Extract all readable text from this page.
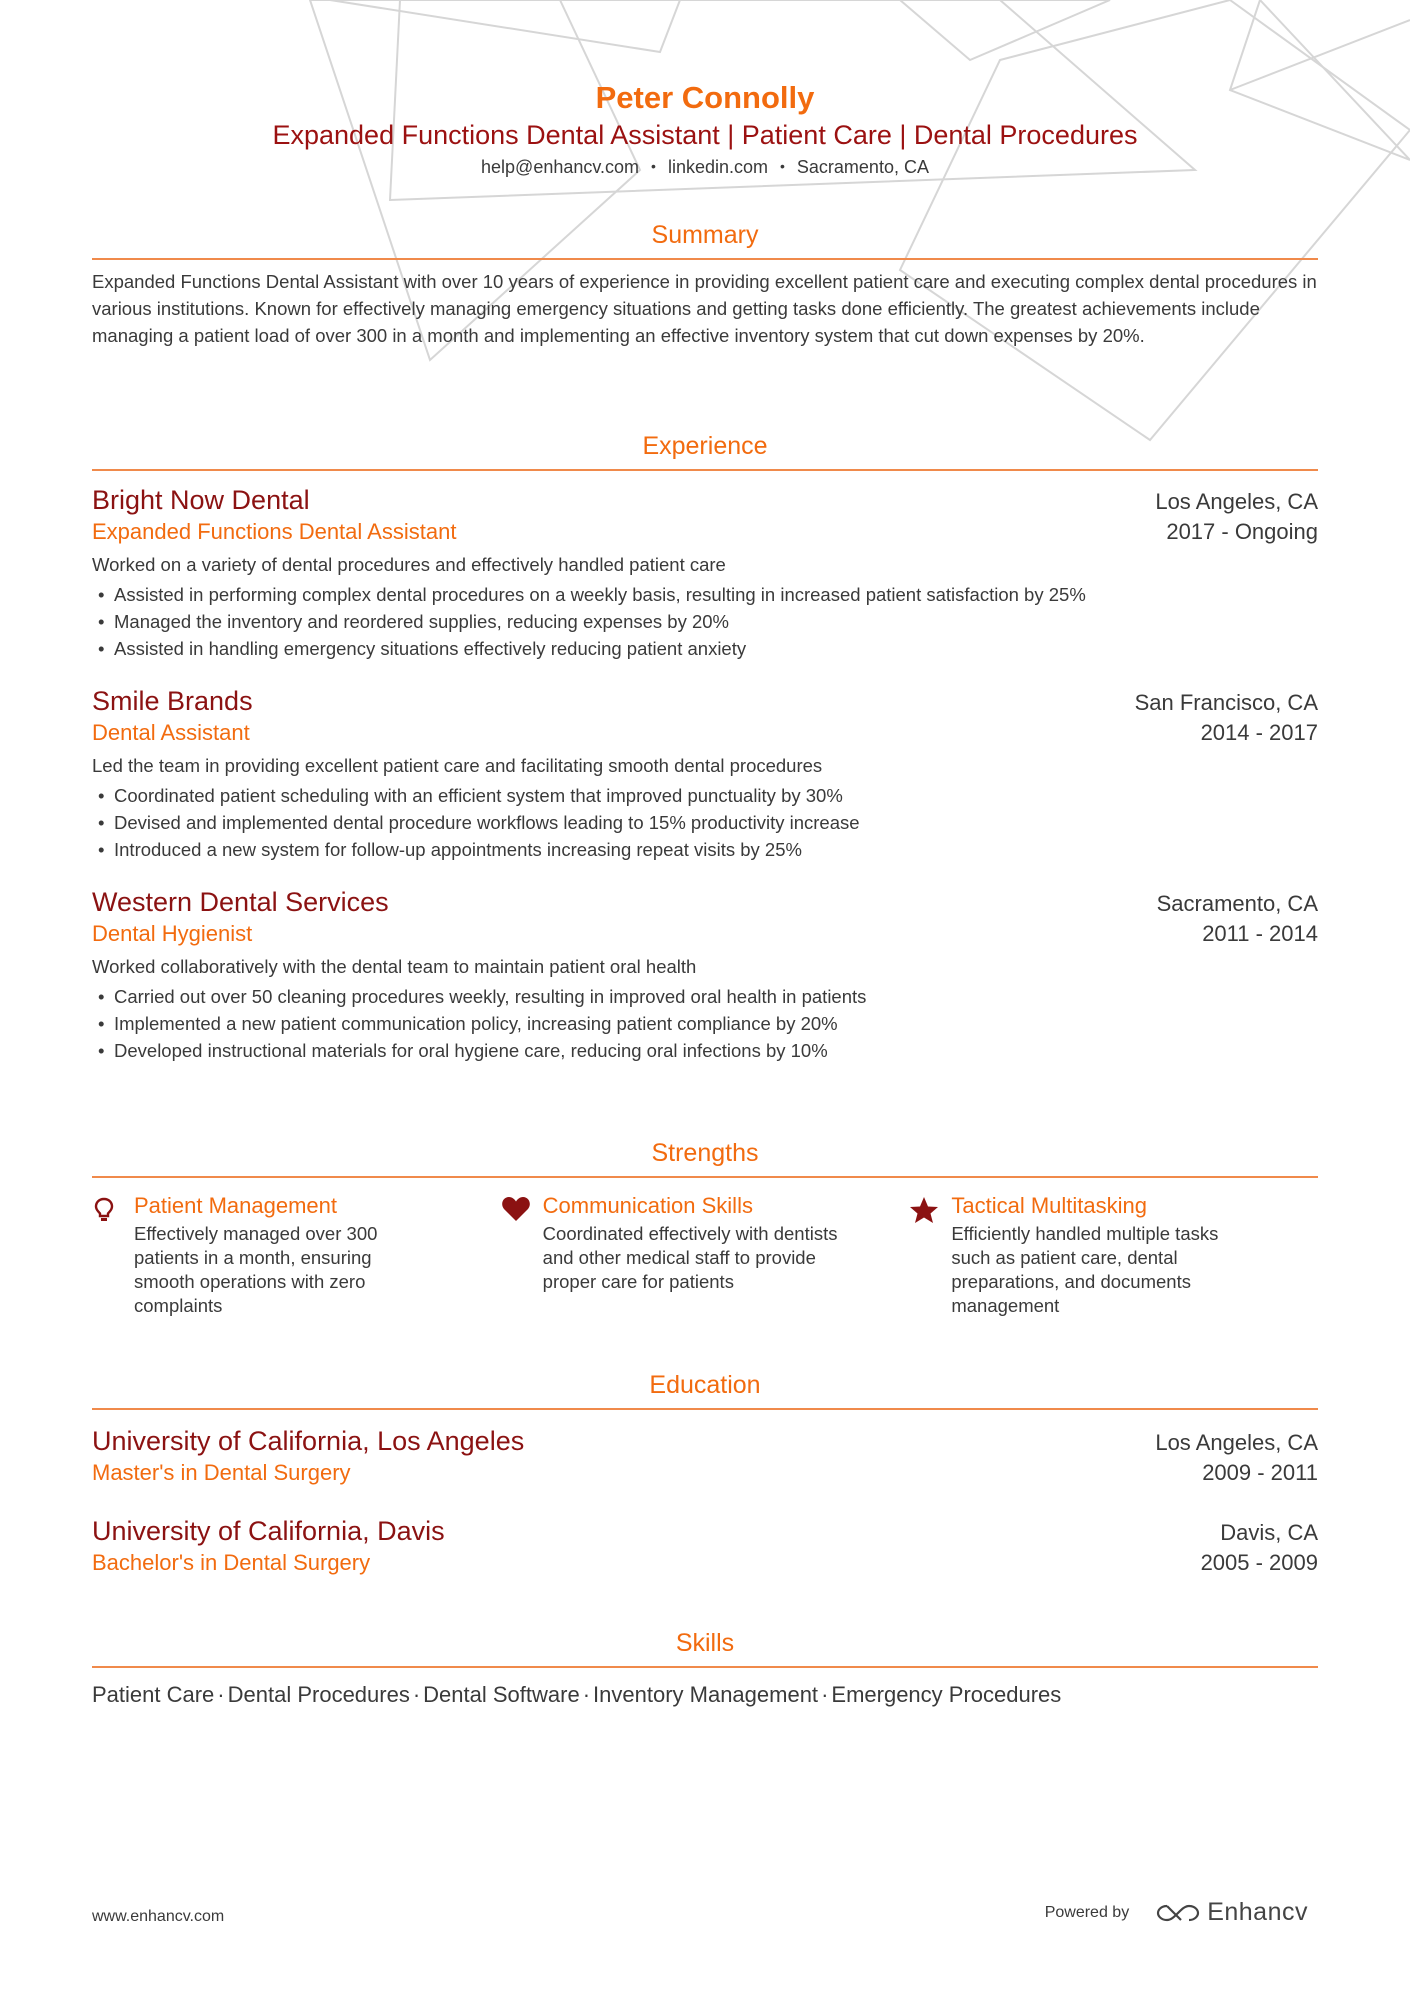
Peter Connolly
Expanded Functions Dental Assistant | Patient Care | Dental Procedures
help@enhancv.com • linkedin.com • Sacramento, CA
Summary
Expanded Functions Dental Assistant with over 10 years of experience in providing excellent patient care and executing complex dental procedures in various institutions. Known for effectively managing emergency situations and getting tasks done efficiently. The greatest achievements include managing a patient load of over 300 in a month and implementing an effective inventory system that cut down expenses by 20%.
Experience
Bright Now Dental	Los Angeles, CA
Expanded Functions Dental Assistant	2017 - Ongoing
Worked on a variety of dental procedures and effectively handled patient care
• Assisted in performing complex dental procedures on a weekly basis, resulting in increased patient satisfaction by 25%
• Managed the inventory and reordered supplies, reducing expenses by 20%
• Assisted in handling emergency situations effectively reducing patient anxiety
Smile Brands	San Francisco, CA
Dental Assistant	2014 - 2017
Led the team in providing excellent patient care and facilitating smooth dental procedures
• Coordinated patient scheduling with an efficient system that improved punctuality by 30%
• Devised and implemented dental procedure workflows leading to 15% productivity increase
• Introduced a new system for follow-up appointments increasing repeat visits by 25%
Western Dental Services	Sacramento, CA
Dental Hygienist	2011 - 2014
Worked collaboratively with the dental team to maintain patient oral health
• Carried out over 50 cleaning procedures weekly, resulting in improved oral health in patients
• Implemented a new patient communication policy, increasing patient compliance by 20%
• Developed instructional materials for oral hygiene care, reducing oral infections by 10%
Strengths
Patient Management
Effectively managed over 300 patients in a month, ensuring smooth operations with zero complaints
Communication Skills
Coordinated effectively with dentists and other medical staff to provide proper care for patients
Tactical Multitasking
Efficiently handled multiple tasks such as patient care, dental preparations, and documents management
Education
University of California, Los Angeles	Los Angeles, CA
Master's in Dental Surgery	2009 - 2011
University of California, Davis	Davis, CA
Bachelor's in Dental Surgery	2005 - 2009
Skills
Patient Care · Dental Procedures · Dental Software · Inventory Management · Emergency Procedures
www.enhancv.com	Powered by	Enhancv
